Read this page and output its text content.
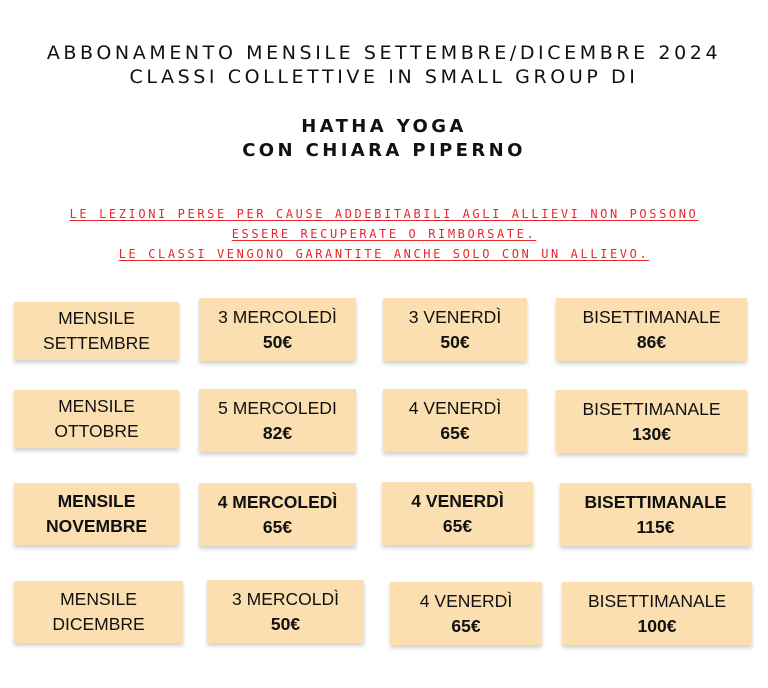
ABBONAMENTO MENSILE SETTEMBRE/DICEMBRE 2024
CLASSI COLLETTIVE IN SMALL GROUP DI
HATHA YOGA
CON CHIARA PIPERNO
LE LEZIONI PERSE PER CAUSE ADDEBITABILI AGLI ALLIEVI NON POSSONO
ESSERE RECUPERATE O RIMBORSATE.
LE CLASSI VENGONO GARANTITE ANCHE SOLO CON UN ALLIEVO.
MENSILE
SETTEMBRE
3 MERCOLEDÌ
50€
3 VENERDÌ
50€
BISETTIMANALE
86€
MENSILE
OTTOBRE
5 MERCOLEDI
82€
4 VENERDÌ
65€
BISETTIMANALE
130€
MENSILE
NOVEMBRE
4 MERCOLEDÌ
65€
4 VENERDÌ
65€
BISETTIMANALE
115€
MENSILE
DICEMBRE
3 MERCOLDÌ
50€
4 VENERDÌ
65€
BISETTIMANALE
100€
